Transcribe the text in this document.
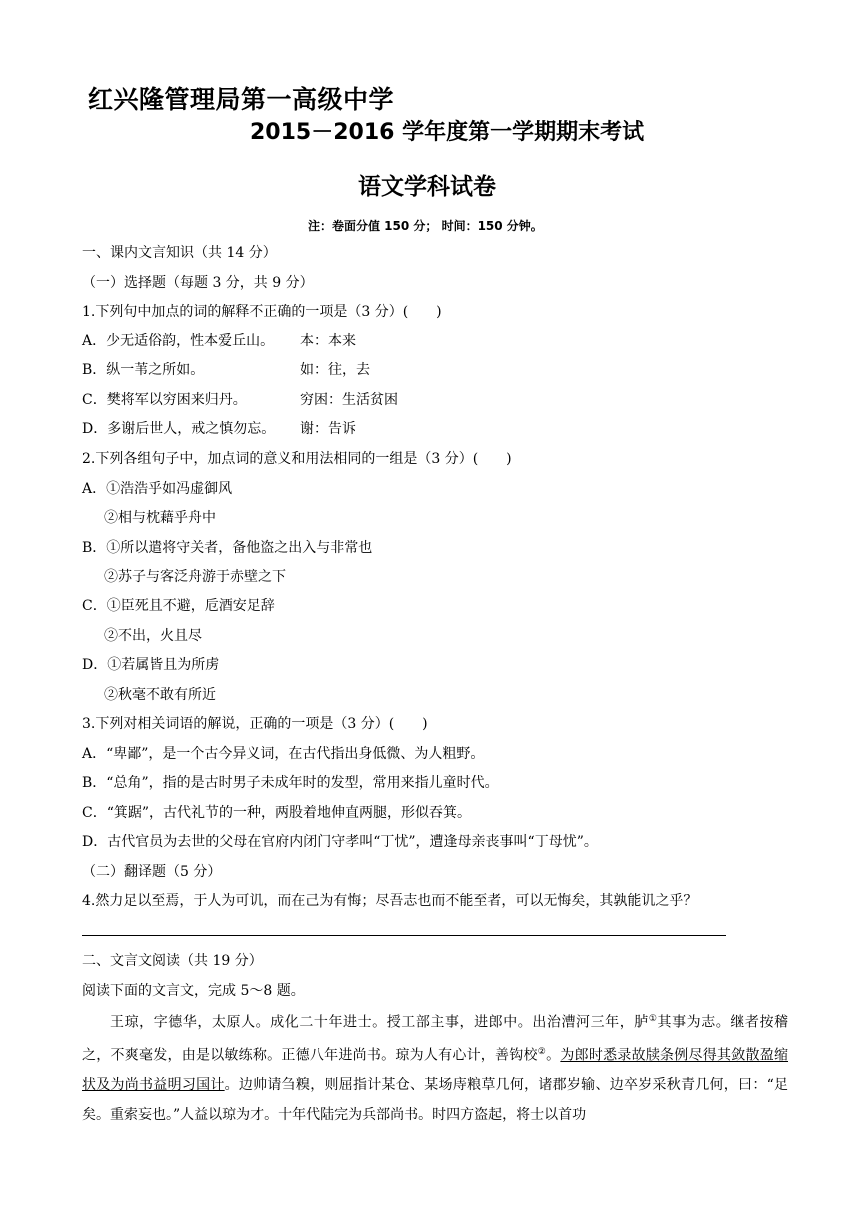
红兴隆管理局第一高级中学
2015－2016 学年度第一学期期末考试
语文学科试卷
注：卷面分值 150 分； 时间：150 分钟。
一、课内文言知识（共 14 分）
（一）选择题（每题 3 分，共 9 分）
1.下列句中加点的词的解释不正确的一项是（3 分）(　　)
A．少无适俗韵，性本爱丘山。 本：本来
B．纵一苇之所如。	如：往，去
C．樊将军以穷困来归丹。	穷困：生活贫困
D．多谢后世人，戒之慎勿忘。 谢：告诉
2.下列各组句子中，加点词的意义和用法相同的一组是（3 分）(　　)
A．①浩浩乎如冯虚御风
②相与枕藉乎舟中
B．①所以遣将守关者，备他盗之出入与非常也
②苏子与客泛舟游于赤壁之下
C．①臣死且不避，卮酒安足辞
②不出，火且尽
D．①若属皆且为所虏
②秋毫不敢有所近
3.下列对相关词语的解说，正确的一项是（3 分）(　　)
A．“卑鄙”，是一个古今异义词，在古代指出身低微、为人粗野。
B．“总角”，指的是古时男子未成年时的发型，常用来指儿童时代。
C．“箕踞”，古代礼节的一种，两股着地伸直两腿，形似吞箕。
D．古代官员为去世的父母在官府内闭门守孝叫“丁忧”，遭逢母亲丧事叫“丁母忧”。
（二）翻译题（5 分）
4.然力足以至焉，于人为可讥，而在己为有悔；尽吾志也而不能至者，可以无悔矣，其孰能讥之乎？
二、文言文阅读（共 19 分）
阅读下面的文言文，完成 5～8 题。
王琼，字德华，太原人。成化二十年进士。授工部主事，进郎中。出治漕河三年，胪①其事为志。继者按稽之，不爽毫发，由是以敏练称。正德八年进尚书。琼为人有心计，善钩校②。为郎时悉录故牍条例尽得其敛散盈缩状及为尚书益明习国计。边帅请刍糗，则屈指计某仓、某场庤粮草几何，诸郡岁输、边卒岁采秋青几何，曰：“足矣。重索妄也。”人益以琼为才。十年代陆完为兵部尚书。时四方盗起，将士以首功
